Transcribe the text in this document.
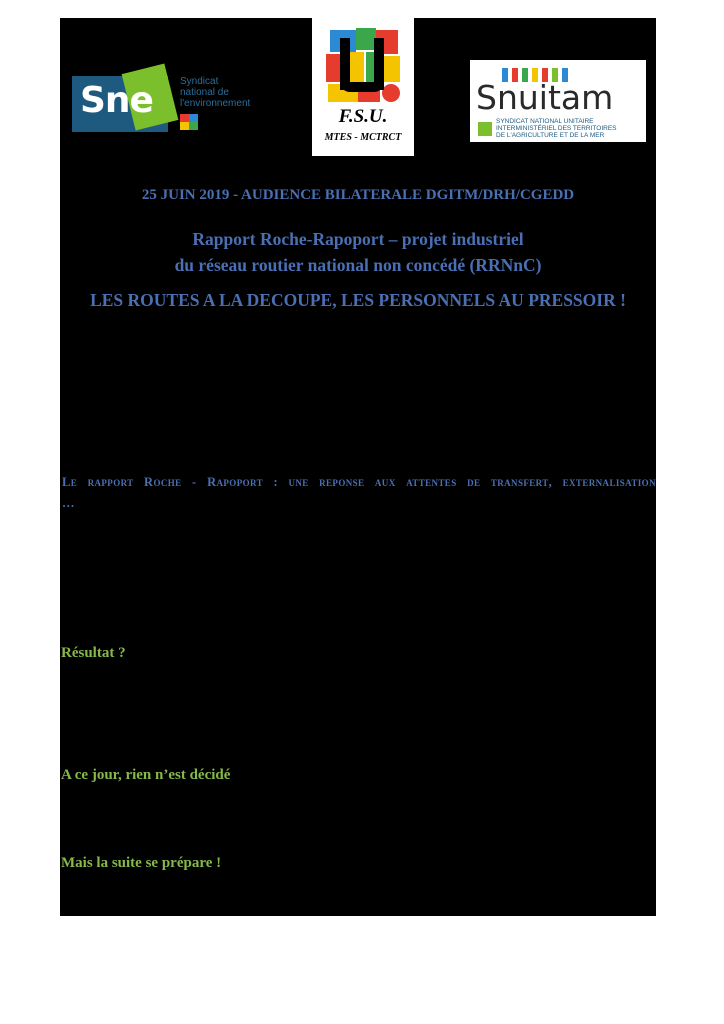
Sne	Syndicat
national de
l'environnement
F.S.U.
MTES - MCTRCT
Snuitam
SYNDICAT NATIONAL UNITAIRE
INTERMINISTÉRIEL DES TERRITOIRES
DE L'AGRICULTURE ET DE LA MER
25 JUIN 2019 - AUDIENCE BILATERALE DGITM/DRH/CGEDD
Rapport Roche-Rapoport – projet industriel
du réseau routier national non concédé (RRNnC)
LES ROUTES A LA DECOUPE, LES PERSONNELS AU PRESSOIR !
Le rapport Roche - Rapoport : une reponse aux attentes de transfert, externalisation …
Résultat ?
A ce jour, rien n’est décidé
Mais la suite se prépare !
